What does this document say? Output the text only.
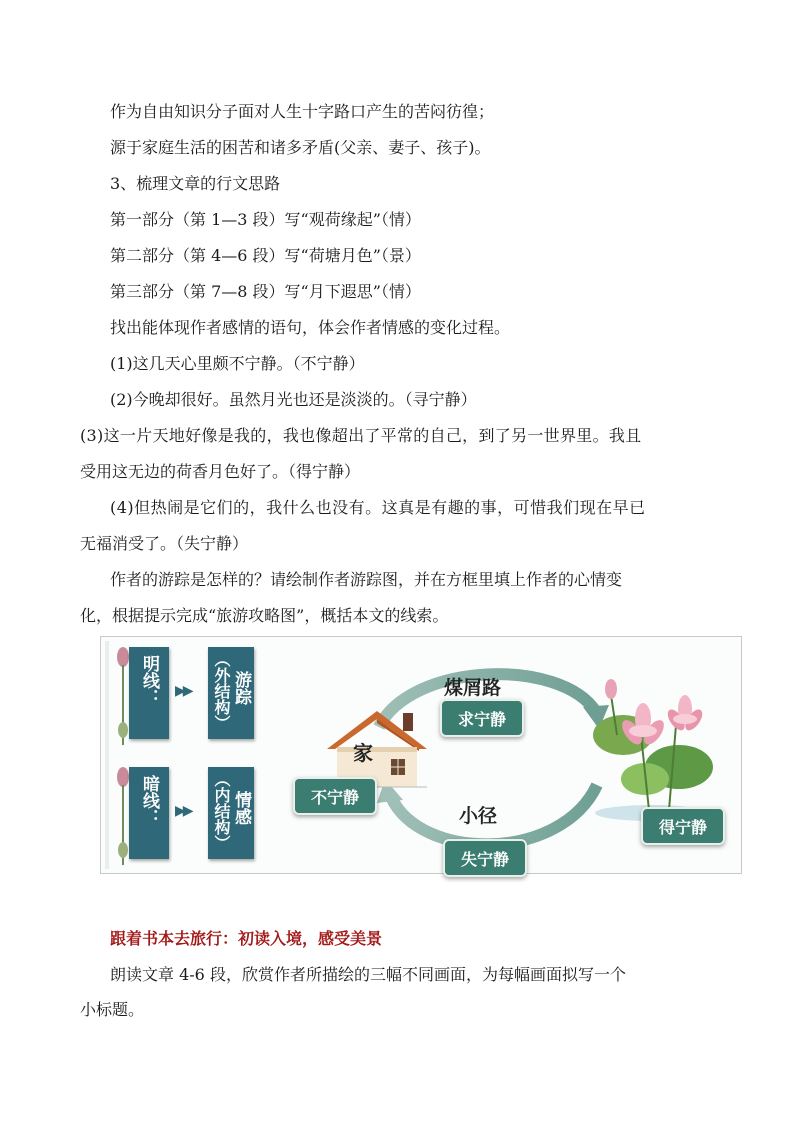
作为自由知识分子面对人生十字路口产生的苦闷彷徨；
源于家庭生活的困苦和诸多矛盾(父亲、妻子、孩子)。
3、梳理文章的行文思路
第一部分（第 1—3 段）写“观荷缘起”（情）
第二部分（第 4—6 段）写“荷塘月色”（景）
第三部分（第 7—8 段）写“月下遐思”（情）
找出能体现作者感情的语句，体会作者情感的变化过程。
(1)这几天心里颇不宁静。（不宁静）
(2)今晚却很好。虽然月光也还是淡淡的。（寻宁静）
(3)这一片天地好像是我的，我也像超出了平常的自己，到了另一世界里。我且
受用这无边的荷香月色好了。（得宁静）
(4)但热闹是它们的，我什么也没有。这真是有趣的事，可惜我们现在早已
无福消受了。（失宁静）
作者的游踪是怎样的？请绘制作者游踪图，并在方框里填上作者的心情变
化，根据提示完成“旅游攻略图”，概括本文的线索。
明线： ▶▶ （外结构） 游踪
暗线： ▶▶ （内结构） 情感
煤屑路
小径
家
求宁静
不宁静
得宁静
失宁静
跟着书本去旅行：初读入境，感受美景
朗读文章 4-6 段，欣赏作者所描绘的三幅不同画面，为每幅画面拟写一个
小标题。
